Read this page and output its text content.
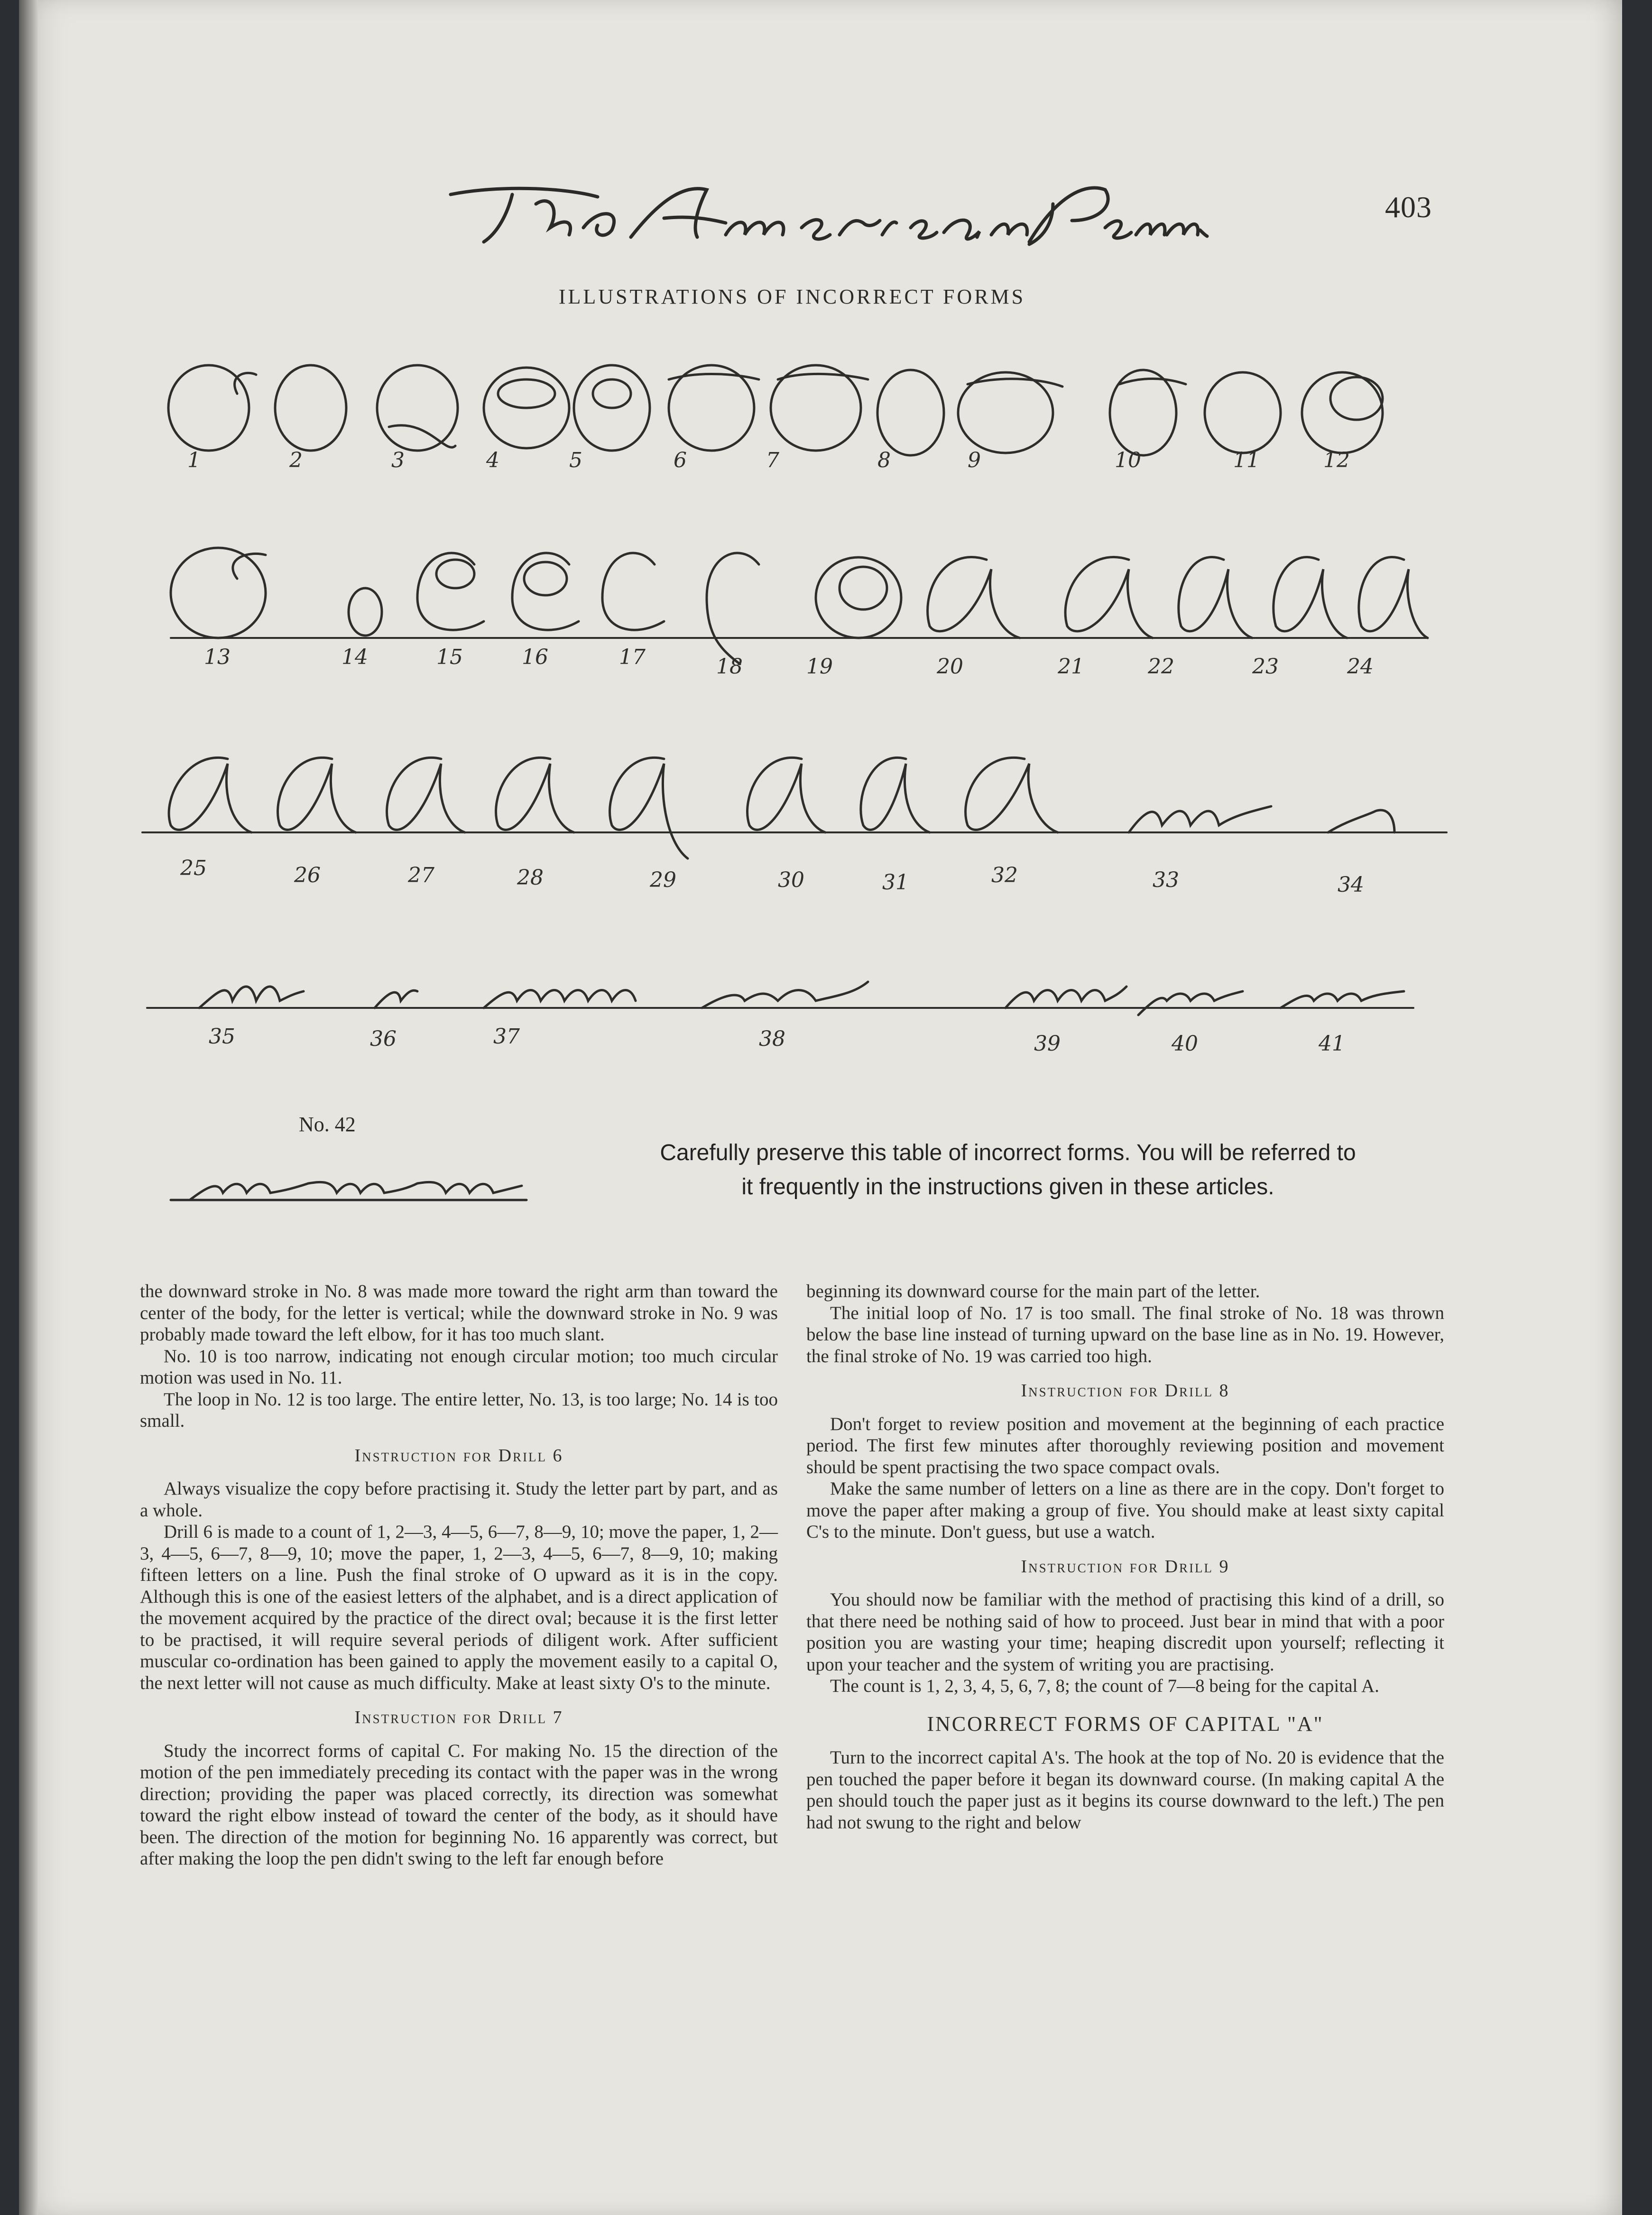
403
ILLUSTRATIONS OF INCORRECT FORMS
1	2	3	4	5	6	7	8	9	10	11	12
13	14	15	16	17	18	19	20	21	22	23	24
25	26	27	28	29	30	31	32	33	34
35	36	37	38	39	40	41
No. 42
Carefully preserve this table of incorrect forms. You will be referred to
it frequently in the instructions given in these articles.

the downward stroke in No. 8 was made more toward the right arm than toward the center of the body, for the letter is vertical; while the downward stroke in No. 9 was probably made toward the left elbow, for it has too much slant.

No. 10 is too narrow, indicating not enough circular motion; too much circular motion was used in No. 11.

The loop in No. 12 is too large. The entire letter, No. 13, is too large; No. 14 is too small.

Instruction for Drill 6

Always visualize the copy before practising it. Study the letter part by part, and as a whole.

Drill 6 is made to a count of 1, 2—3, 4—5, 6—7, 8—9, 10; move the paper, 1, 2—3, 4—5, 6—7, 8—9, 10; move the paper, 1, 2—3, 4—5, 6—7, 8—9, 10; making fifteen letters on a line. Push the final stroke of O upward as it is in the copy. Although this is one of the easiest letters of the alphabet, and is a direct application of the movement acquired by the practice of the direct oval; because it is the first letter to be practised, it will require several periods of diligent work. After sufficient muscular co-ordination has been gained to apply the movement easily to a capital O, the next letter will not cause as much difficulty. Make at least sixty O's to the minute.

Instruction for Drill 7

Study the incorrect forms of capital C. For making No. 15 the direction of the motion of the pen immediately preceding its contact with the paper was in the wrong direction; providing the paper was placed correctly, its direction was somewhat toward the right elbow instead of toward the center of the body, as it should have been. The direction of the motion for beginning No. 16 apparently was correct, but after making the loop the pen didn't swing to the left far enough before

beginning its downward course for the main part of the letter.

The initial loop of No. 17 is too small. The final stroke of No. 18 was thrown below the base line instead of turning upward on the base line as in No. 19. However, the final stroke of No. 19 was carried too high.

Instruction for Drill 8

Don't forget to review position and movement at the beginning of each practice period. The first few minutes after thoroughly reviewing position and movement should be spent practising the two space compact ovals.

Make the same number of letters on a line as there are in the copy. Don't forget to move the paper after making a group of five. You should make at least sixty capital C's to the minute. Don't guess, but use a watch.

Instruction for Drill 9

You should now be familiar with the method of practising this kind of a drill, so that there need be nothing said of how to proceed. Just bear in mind that with a poor position you are wasting your time; heaping discredit upon yourself; reflecting it upon your teacher and the system of writing you are practising.

The count is 1, 2, 3, 4, 5, 6, 7, 8; the count of 7—8 being for the capital A.

INCORRECT FORMS OF CAPITAL "A"

Turn to the incorrect capital A's. The hook at the top of No. 20 is evidence that the pen touched the paper before it began its downward course. (In making capital A the pen should touch the paper just as it begins its course downward to the left.) The pen had not swung to the right and below
